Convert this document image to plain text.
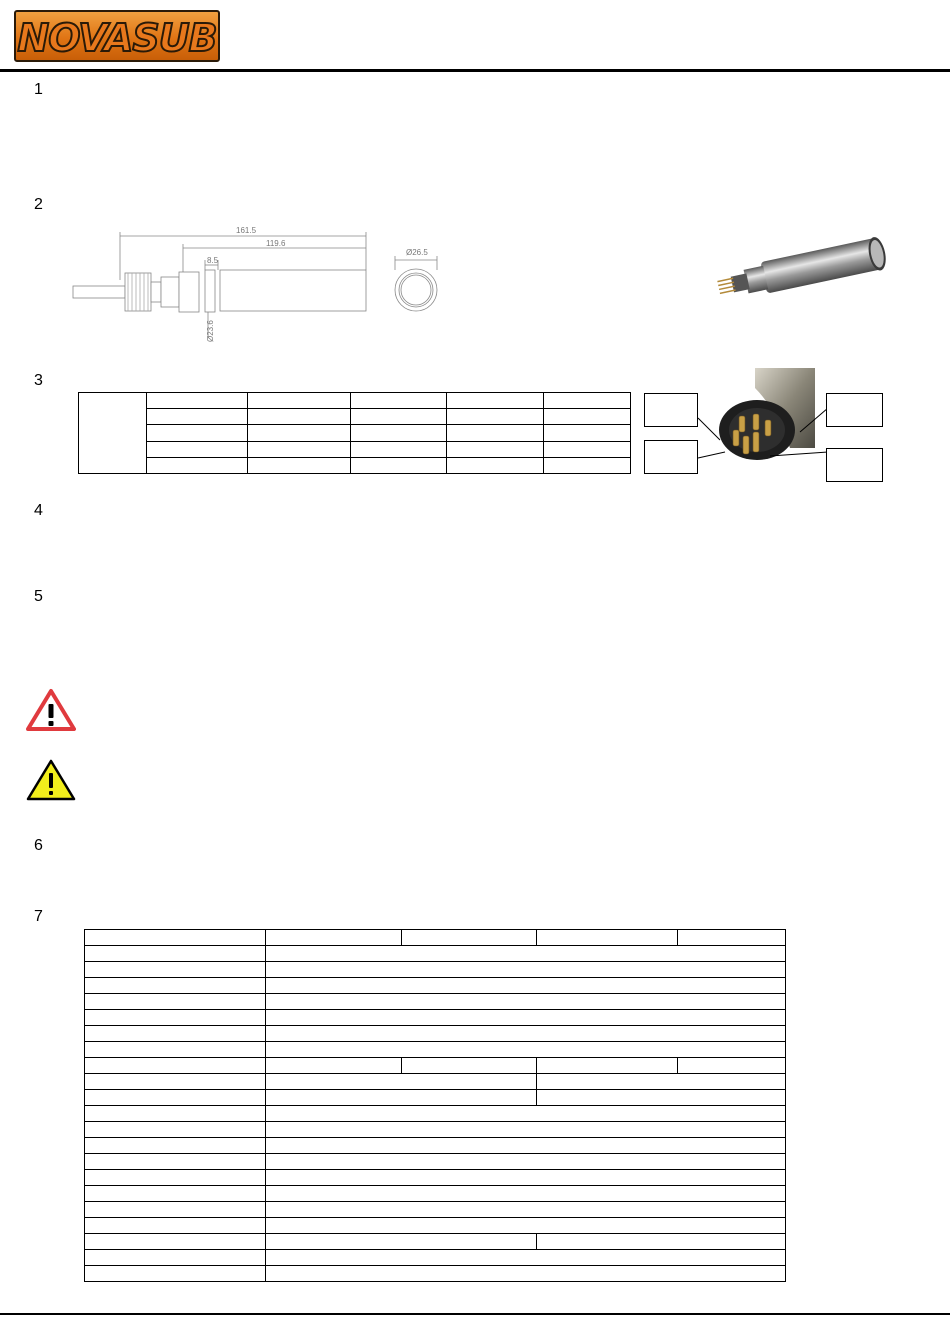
NOVASUB
1
2
3
4
5
6
7
161.5
119.6
8.5
Ø26.5
Ø23.6
